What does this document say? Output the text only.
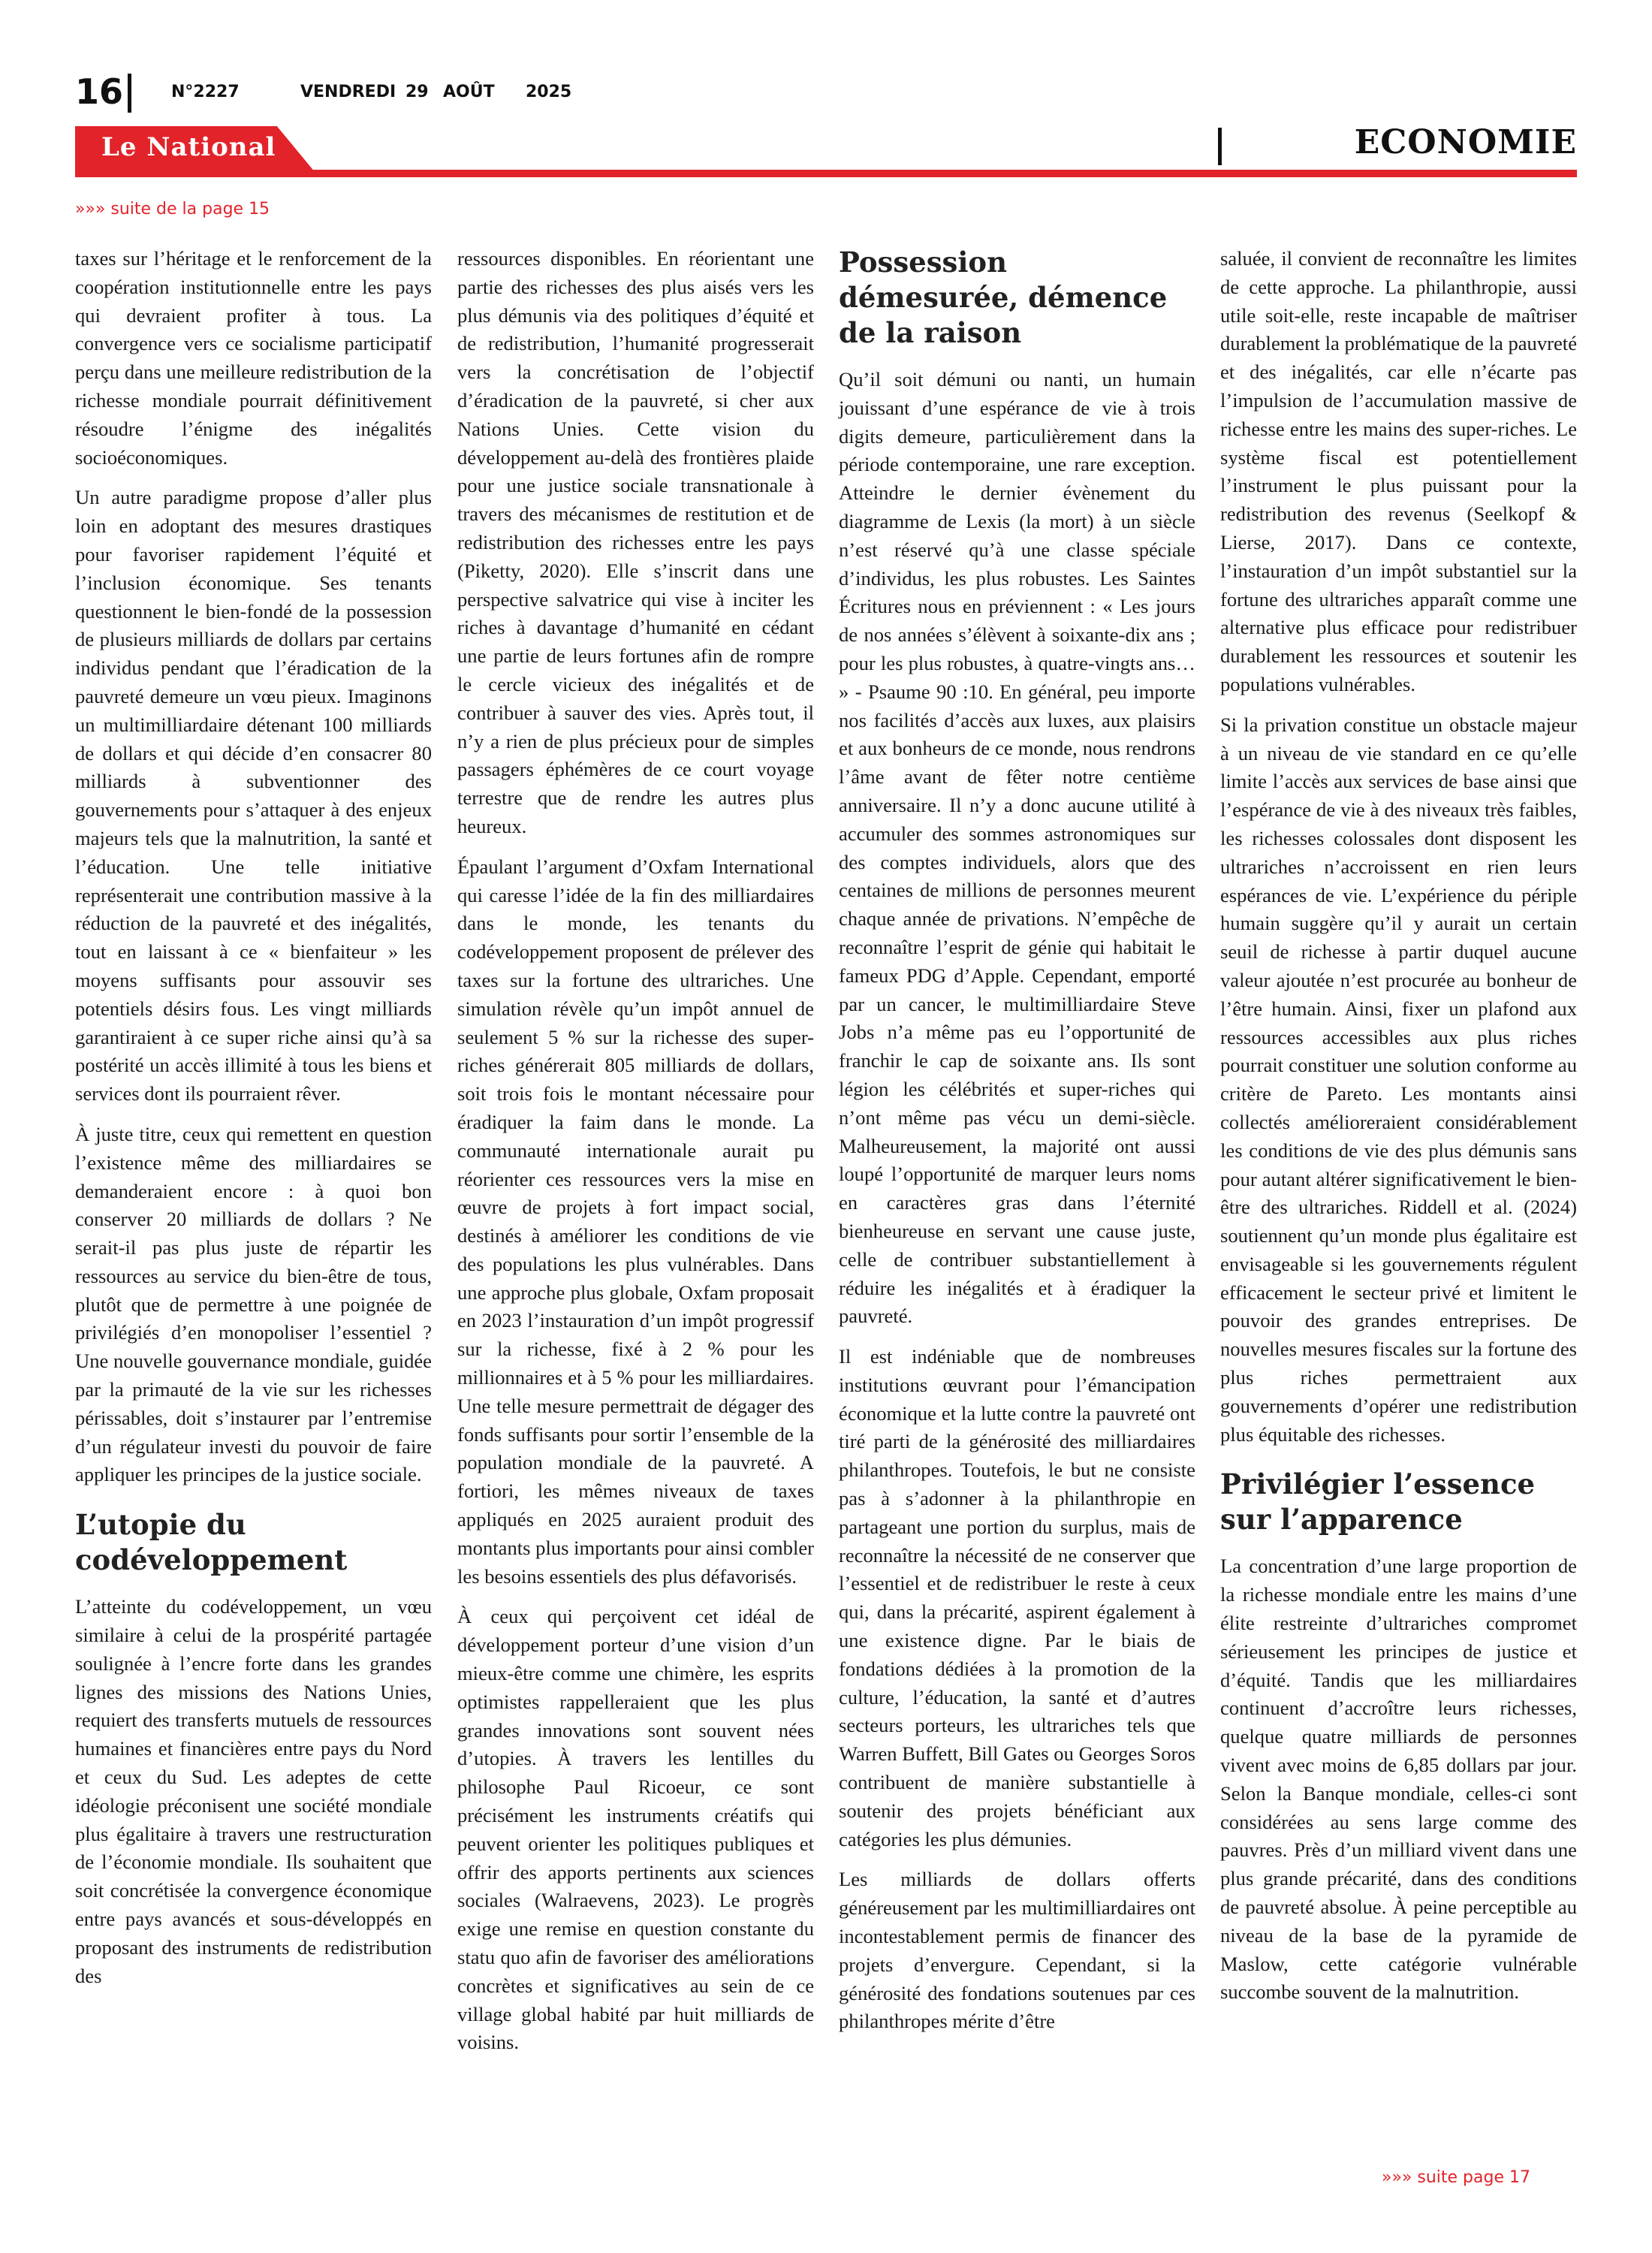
16	N°2227	VENDREDI 29 AOÛT 2025
Le National	ECONOMIE
»»» suite de la page 15

taxes sur l’héritage et le renforcement de la coopération institutionnelle entre les pays qui devraient profiter à tous. La convergence vers ce socialisme participatif perçu dans une meilleure redistribution de la richesse mondiale pourrait définitivement résoudre l’énigme des inégalités socioéconomiques.

Un autre paradigme propose d’aller plus loin en adoptant des mesures drastiques pour favoriser rapidement l’équité et l’inclusion économique. Ses tenants questionnent le bien-fondé de la possession de plusieurs milliards de dollars par certains individus pendant que l’éradication de la pauvreté demeure un vœu pieux. Imaginons un multimilliardaire détenant 100 milliards de dollars et qui décide d’en consacrer 80 milliards à subventionner des gouvernements pour s’attaquer à des enjeux majeurs tels que la malnutrition, la santé et l’éducation. Une telle initiative représenterait une contribution massive à la réduction de la pauvreté et des inégalités, tout en laissant à ce « bienfaiteur » les moyens suffisants pour assouvir ses potentiels désirs fous. Les vingt milliards garantiraient à ce super riche ainsi qu’à sa postérité un accès illimité à tous les biens et services dont ils pourraient rêver.

À juste titre, ceux qui remettent en question l’existence même des milliardaires se demanderaient encore : à quoi bon conserver 20 milliards de dollars ? Ne serait-il pas plus juste de répartir les ressources au service du bien-être de tous, plutôt que de permettre à une poignée de privilégiés d’en monopoliser l’essentiel ? Une nouvelle gouvernance mondiale, guidée par la primauté de la vie sur les richesses périssables, doit s’instaurer par l’entremise d’un régulateur investi du pouvoir de faire appliquer les principes de la justice sociale.

L’utopie du codéveloppement

L’atteinte du codéveloppement, un vœu similaire à celui de la prospérité partagée soulignée à l’encre forte dans les grandes lignes des missions des Nations Unies, requiert des transferts mutuels de ressources humaines et financières entre pays du Nord et ceux du Sud. Les adeptes de cette idéologie préconisent une société mondiale plus égalitaire à travers une restructuration de l’économie mondiale. Ils souhaitent que soit concrétisée la convergence économique entre pays avancés et sous-développés en proposant des instruments de redistribution des

ressources disponibles. En réorientant une partie des richesses des plus aisés vers les plus démunis via des politiques d’équité et de redistribution, l’humanité progresserait vers la concrétisation de l’objectif d’éradication de la pauvreté, si cher aux Nations Unies. Cette vision du développement au-delà des frontières plaide pour une justice sociale transnationale à travers des mécanismes de restitution et de redistribution des richesses entre les pays (Piketty, 2020). Elle s’inscrit dans une perspective salvatrice qui vise à inciter les riches à davantage d’humanité en cédant une partie de leurs fortunes afin de rompre le cercle vicieux des inégalités et de contribuer à sauver des vies. Après tout, il n’y a rien de plus précieux pour de simples passagers éphémères de ce court voyage terrestre que de rendre les autres plus heureux.

Épaulant l’argument d’Oxfam International qui caresse l’idée de la fin des milliardaires dans le monde, les tenants du codéveloppement proposent de prélever des taxes sur la fortune des ultrariches. Une simulation révèle qu’un impôt annuel de seulement 5 % sur la richesse des super-riches générerait 805 milliards de dollars, soit trois fois le montant nécessaire pour éradiquer la faim dans le monde. La communauté internationale aurait pu réorienter ces ressources vers la mise en œuvre de projets à fort impact social, destinés à améliorer les conditions de vie des populations les plus vulnérables. Dans une approche plus globale, Oxfam proposait en 2023 l’instauration d’un impôt progressif sur la richesse, fixé à 2 % pour les millionnaires et à 5 % pour les milliardaires. Une telle mesure permettrait de dégager des fonds suffisants pour sortir l’ensemble de la population mondiale de la pauvreté. A fortiori, les mêmes niveaux de taxes appliqués en 2025 auraient produit des montants plus importants pour ainsi combler les besoins essentiels des plus défavorisés.

À ceux qui perçoivent cet idéal de développement porteur d’une vision d’un mieux-être comme une chimère, les esprits optimistes rappelleraient que les plus grandes innovations sont souvent nées d’utopies. À travers les lentilles du philosophe Paul Ricoeur, ce sont précisément les instruments créatifs qui peuvent orienter les politiques publiques et offrir des apports pertinents aux sciences sociales (Walraevens, 2023). Le progrès exige une remise en question constante du statu quo afin de favoriser des améliorations concrètes et significatives au sein de ce village global habité par huit milliards de voisins.

Possession démesurée, démence de la raison

Qu’il soit démuni ou nanti, un humain jouissant d’une espérance de vie à trois digits demeure, particulièrement dans la période contemporaine, une rare exception. Atteindre le dernier évènement du diagramme de Lexis (la mort) à un siècle n’est réservé qu’à une classe spéciale d’individus, les plus robustes. Les Saintes Écritures nous en préviennent : « Les jours de nos années s’élèvent à soixante-dix ans ; pour les plus robustes, à quatre-vingts ans… » - Psaume 90 :10. En général, peu importe nos facilités d’accès aux luxes, aux plaisirs et aux bonheurs de ce monde, nous rendrons l’âme avant de fêter notre centième anniversaire. Il n’y a donc aucune utilité à accumuler des sommes astronomiques sur des comptes individuels, alors que des centaines de millions de personnes meurent chaque année de privations. N’empêche de reconnaître l’esprit de génie qui habitait le fameux PDG d’Apple. Cependant, emporté par un cancer, le multimilliardaire Steve Jobs n’a même pas eu l’opportunité de franchir le cap de soixante ans. Ils sont légion les célébrités et super-riches qui n’ont même pas vécu un demi-siècle. Malheureusement, la majorité ont aussi loupé l’opportunité de marquer leurs noms en caractères gras dans l’éternité bienheureuse en servant une cause juste, celle de contribuer substantiellement à réduire les inégalités et à éradiquer la pauvreté.

Il est indéniable que de nombreuses institutions œuvrant pour l’émancipation économique et la lutte contre la pauvreté ont tiré parti de la générosité des milliardaires philanthropes. Toutefois, le but ne consiste pas à s’adonner à la philanthropie en partageant une portion du surplus, mais de reconnaître la nécessité de ne conserver que l’essentiel et de redistribuer le reste à ceux qui, dans la précarité, aspirent également à une existence digne. Par le biais de fondations dédiées à la promotion de la culture, l’éducation, la santé et d’autres secteurs porteurs, les ultrariches tels que Warren Buffett, Bill Gates ou Georges Soros contribuent de manière substantielle à soutenir des projets bénéficiant aux catégories les plus démunies.

Les milliards de dollars offerts généreusement par les multimilliardaires ont incontestablement permis de financer des projets d’envergure. Cependant, si la générosité des fondations soutenues par ces philanthropes mérite d’être

saluée, il convient de reconnaître les limites de cette approche. La philanthropie, aussi utile soit-elle, reste incapable de maîtriser durablement la problématique de la pauvreté et des inégalités, car elle n’écarte pas l’impulsion de l’accumulation massive de richesse entre les mains des super-riches. Le système fiscal est potentiellement l’instrument le plus puissant pour la redistribution des revenus (Seelkopf & Lierse, 2017). Dans ce contexte, l’instauration d’un impôt substantiel sur la fortune des ultrariches apparaît comme une alternative plus efficace pour redistribuer durablement les ressources et soutenir les populations vulnérables.

Si la privation constitue un obstacle majeur à un niveau de vie standard en ce qu’elle limite l’accès aux services de base ainsi que l’espérance de vie à des niveaux très faibles, les richesses colossales dont disposent les ultrariches n’accroissent en rien leurs espérances de vie. L’expérience du périple humain suggère qu’il y aurait un certain seuil de richesse à partir duquel aucune valeur ajoutée n’est procurée au bonheur de l’être humain. Ainsi, fixer un plafond aux ressources accessibles aux plus riches pourrait constituer une solution conforme au critère de Pareto. Les montants ainsi collectés amélioreraient considérablement les conditions de vie des plus démunis sans pour autant altérer significativement le bien-être des ultrariches. Riddell et al. (2024) soutiennent qu’un monde plus égalitaire est envisageable si les gouvernements régulent efficacement le secteur privé et limitent le pouvoir des grandes entreprises. De nouvelles mesures fiscales sur la fortune des plus riches permettraient aux gouvernements d’opérer une redistribution plus équitable des richesses.

Privilégier l’essence sur l’apparence

La concentration d’une large proportion de la richesse mondiale entre les mains d’une élite restreinte d’ultrariches compromet sérieusement les principes de justice et d’équité. Tandis que les milliardaires continuent d’accroître leurs richesses, quelque quatre milliards de personnes vivent avec moins de 6,85 dollars par jour. Selon la Banque mondiale, celles-ci sont considérées au sens large comme des pauvres. Près d’un milliard vivent dans une plus grande précarité, dans des conditions de pauvreté absolue. À peine perceptible au niveau de la base de la pyramide de Maslow, cette catégorie vulnérable succombe souvent de la malnutrition.

»»» suite page 17
